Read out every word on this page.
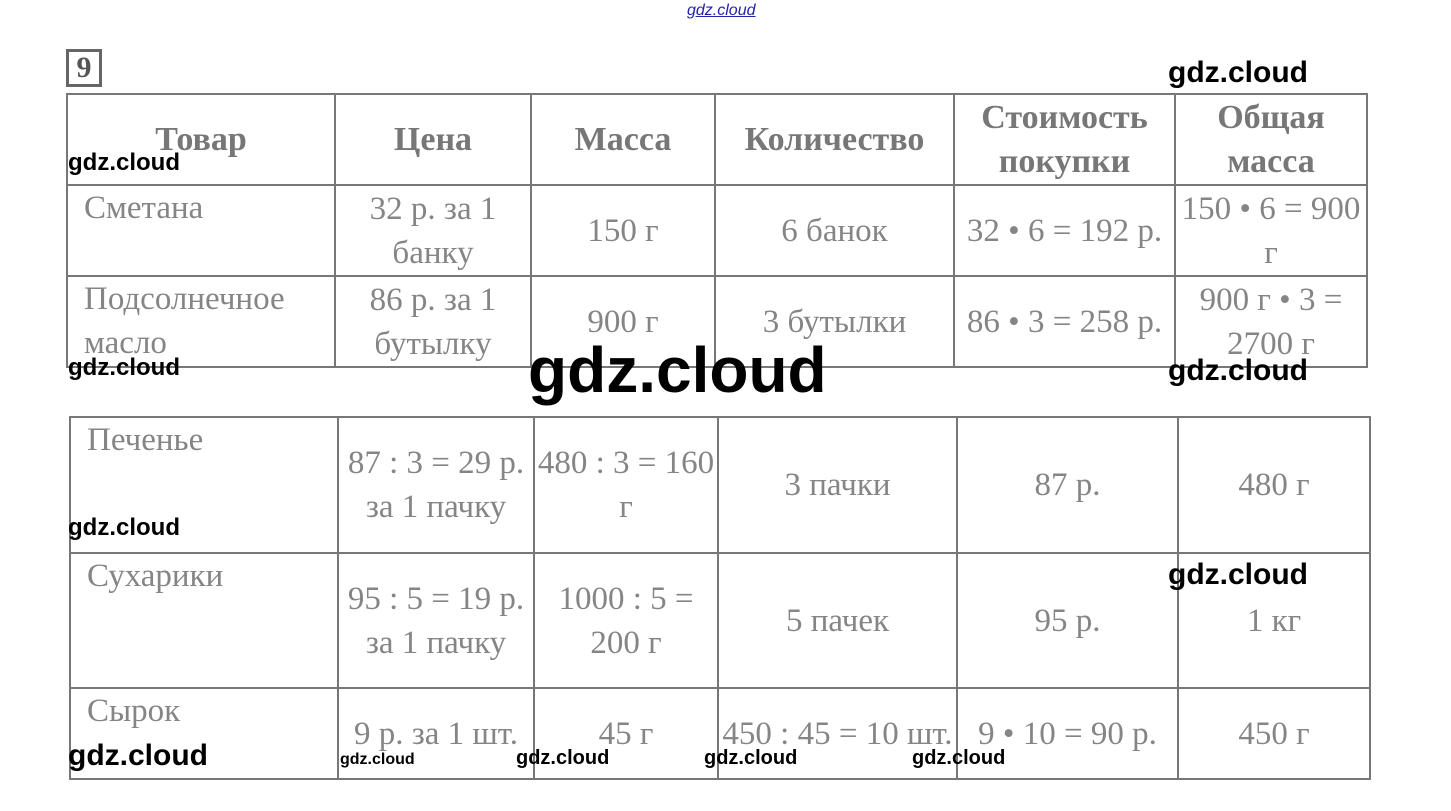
gdz.cloud
9
Товар	Цена	Масса	Количество	Стоимость покупки	Общая масса
Сметана	32 р. за 1 банку	150 г	6 банок	32 • 6 = 192 р.	150 • 6 = 900 г
Подсолнечное масло	86 р. за 1 бутылку	900 г	3 бутылки	86 • 3 = 258 р.	900 г • 3 = 2700 г
Печенье	87 : 3 = 29 р. за 1 пачку	480 : 3 = 160 г	3 пачки	87 р.	480 г
Сухарики	95 : 5 = 19 р. за 1 пачку	1000 : 5 = 200 г	5 пачек	95 р.	1 кг
Сырок	9 р. за 1 шт.	45 г	450 : 45 = 10 шт.	9 • 10 = 90 р.	450 г
gdz.cloud
gdz.cloud
gdz.cloud
gdz.cloud	gdz.cloud
gdz.cloud
gdz.cloud
gdz.cloud	gdz.cloud	gdz.cloud	gdz.cloud	gdz.cloud
